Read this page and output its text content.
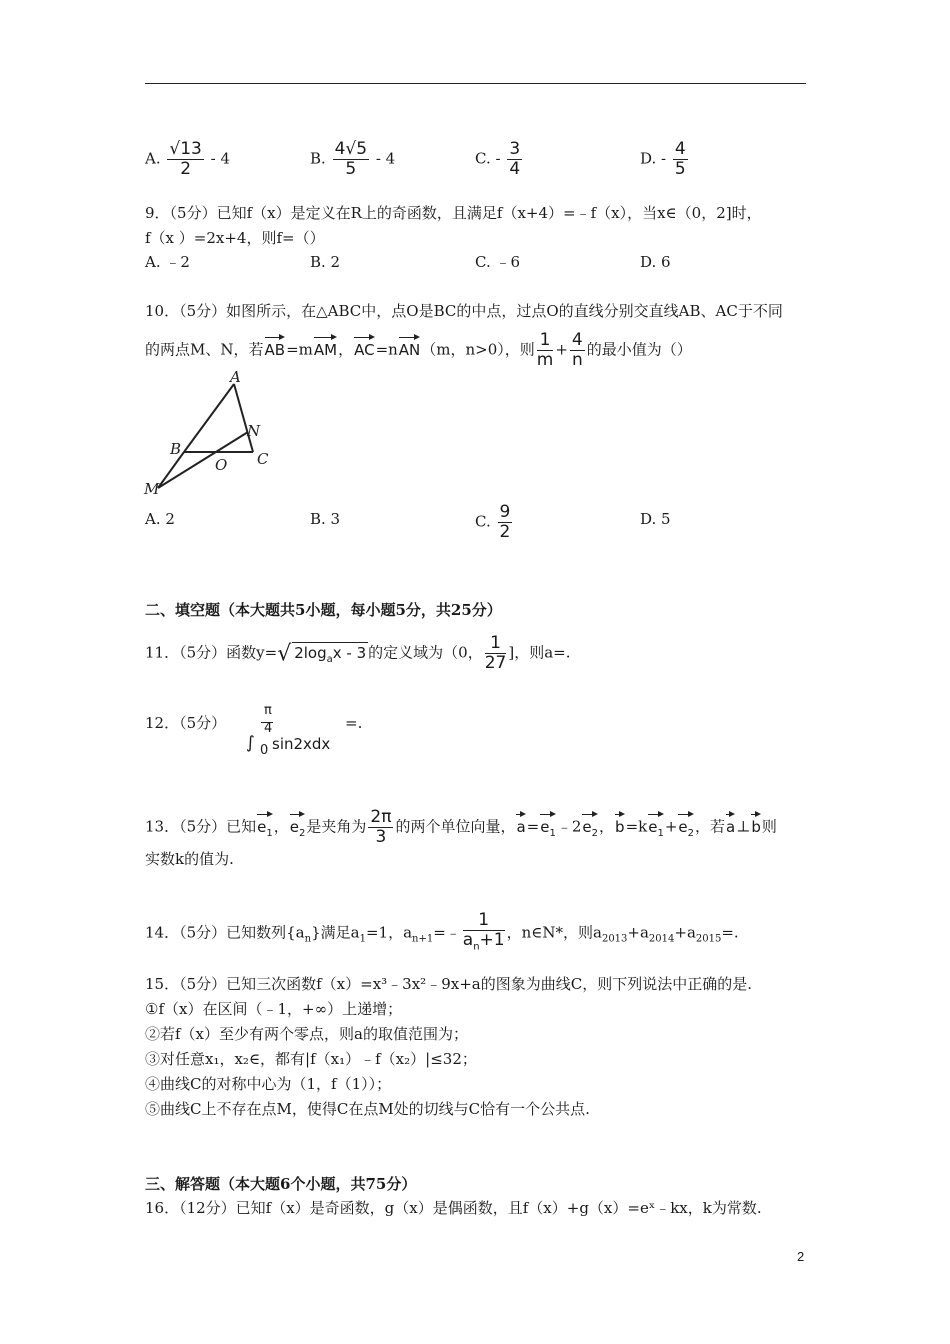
A. $\frac{√13}{2} - 4$	B. $\frac{4√5}{5} - 4$	C. - $\frac{3}{4}$	D. - $\frac{4}{5}$
9．（5分）已知f（x）是定义在R上的奇函数，且满足f（x+4）=﹣f（x），当x∈（0，2]时，
f（x ）=2x+4，则f=（）
A. ﹣2	B. 2	C. ﹣6	D. 6
10．（5分）如图所示，在△ABC中，点O是BC的中点，过点O的直线分别交直线AB、AC于不同
的两点M、N，若AB=mAM，AC=nAN（m，n>0），则 $\frac{1}{m} + \frac{4}{n}$ 的最小值为（）
A
B
C
N
O
M
A. 2	B. 3	C. $\frac{9}{2}$	D. 5
二、填空题（本大题共5小题，每小题5分，共25分）
11．（5分）函数y=√ $2\log_ax - 3$ 的定义域为（0， $\frac{1}{27}$ ]，则a=.
12．（5分）
π
4
∫ 0 sin2xdx
=.
13．（5分）已知$e_1$，$e_2$是夹角为 $\frac{2\pi}{3}$ 的两个单位向量，$a=e_1﹣2e_2$，$b=ke_1+e_2$，若a⊥b则
实数k的值为.
14．（5分）已知数列$\{a_n\}$满足$a_1=1$，$a_{n+1}=﹣ \frac{1}{a_n+1}$ ，n∈N*，则$a_{2013}+a_{2014}+a_{2015}=$.
15．（5分）已知三次函数f（x）=x³﹣3x²﹣9x+a的图象为曲线C，则下列说法中正确的是.
①f（x）在区间（﹣1，+∞）上递增；
②若f（x）至少有两个零点，则a的取值范围为；
③对任意x₁，x₂∈，都有|f（x₁）﹣f（x₂）|≤32；
④曲线C的对称中心为（1，f（1））；
⑤曲线C上不存在点M，使得C在点M处的切线与C恰有一个公共点.
三、解答题（本大题6个小题，共75分）
16．（12分）已知f（x）是奇函数，g（x）是偶函数，且f（x）+g（x）=eˣ﹣kx，k为常数.
2
